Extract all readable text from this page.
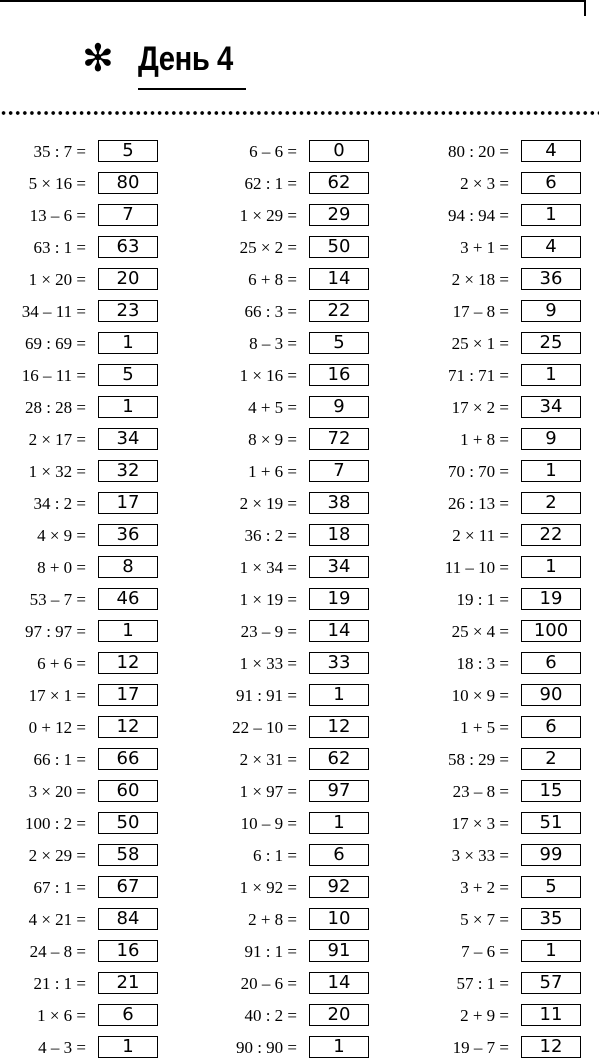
✻ День 4
35 : 7 =	5
5 × 16 =	80
13 – 6 =	7
63 : 1 =	63
1 × 20 =	20
34 – 11 =	23
69 : 69 =	1
16 – 11 =	5
28 : 28 =	1
2 × 17 =	34
1 × 32 =	32
34 : 2 =	17
4 × 9 =	36
8 + 0 =	8
53 – 7 =	46
97 : 97 =	1
6 + 6 =	12
17 × 1 =	17
0 + 12 =	12
66 : 1 =	66
3 × 20 =	60
100 : 2 =	50
2 × 29 =	58
67 : 1 =	67
4 × 21 =	84
24 – 8 =	16
21 : 1 =	21
1 × 6 =	6
4 – 3 =	1
6 – 6 =	0
62 : 1 =	62
1 × 29 =	29
25 × 2 =	50
6 + 8 =	14
66 : 3 =	22
8 – 3 =	5
1 × 16 =	16
4 + 5 =	9
8 × 9 =	72
1 + 6 =	7
2 × 19 =	38
36 : 2 =	18
1 × 34 =	34
1 × 19 =	19
23 – 9 =	14
1 × 33 =	33
91 : 91 =	1
22 – 10 =	12
2 × 31 =	62
1 × 97 =	97
10 – 9 =	1
6 : 1 =	6
1 × 92 =	92
2 + 8 =	10
91 : 1 =	91
20 – 6 =	14
40 : 2 =	20
90 : 90 =	1
80 : 20 =	4
2 × 3 =	6
94 : 94 =	1
3 + 1 =	4
2 × 18 =	36
17 – 8 =	9
25 × 1 =	25
71 : 71 =	1
17 × 2 =	34
1 + 8 =	9
70 : 70 =	1
26 : 13 =	2
2 × 11 =	22
11 – 10 =	1
19 : 1 =	19
25 × 4 =	100
18 : 3 =	6
10 × 9 =	90
1 + 5 =	6
58 : 29 =	2
23 – 8 =	15
17 × 3 =	51
3 × 33 =	99
3 + 2 =	5
5 × 7 =	35
7 – 6 =	1
57 : 1 =	57
2 + 9 =	11
19 – 7 =	12
